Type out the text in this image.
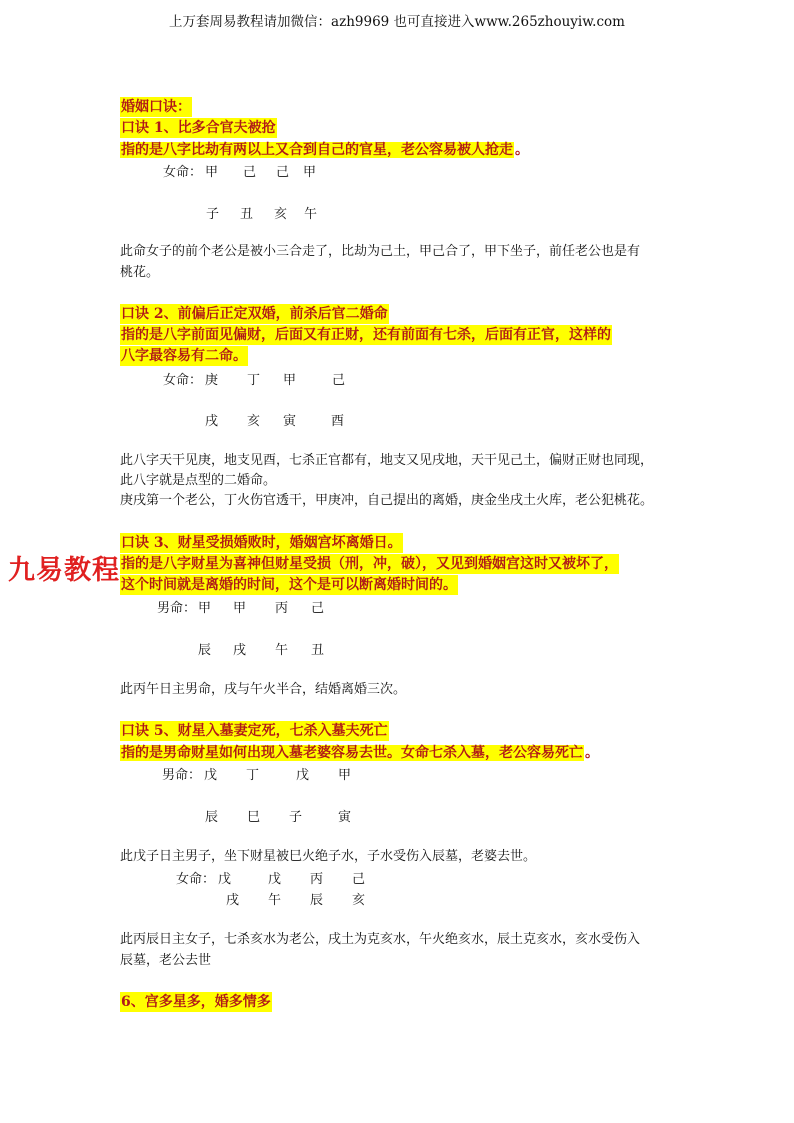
上万套周易教程请加微信：azh9969 也可直接进入www.265zhouyiw.com
婚姻口诀：
口诀 1、比多合官夫被抢
指的是八字比劫有两以上又合到自己的官星，老公容易被人抢走 。
女命： 甲 己 己 甲
子 丑 亥 午
此命女子的前个老公是被小三合走了，比劫为己土，甲己合了，甲下坐子，前任老公也是有
桃花。
口诀 2、前偏后正定双婚，前杀后官二婚命
指的是八字前面见偏财，后面又有正财，还有前面有七杀，后面有正官，这样的
八字最容易有二命。
女命： 庚 丁 甲	己
戌 亥 寅	酉
此八字天干见庚，地支见酉，七杀正官都有，地支又见戌地，天干见己土，偏财正财也同现，
此八字就是点型的二婚命。
庚戌第一个老公，丁火伤官透干，甲庚冲，自己提出的离婚，庚金坐戌土火库，老公犯桃花。
口诀 3、财星受损婚败时，婚姻宫坏离婚日。
指的是八字财星为喜神但财星受损（刑，冲，破），又见到婚姻宫这时又被坏了，
这个时间就是离婚的时间，这个是可以断离婚时间的。
男命： 甲 甲 丙 己
辰 戌 午 丑
此丙午日主男命，戌与午火半合，结婚离婚三次。
口诀 5、财星入墓妻定死，七杀入墓夫死亡
指的是男命财星如何出现入墓老婆容易去世。女命七杀入墓，老公容易死亡 。
男命： 戊 丁	戊 甲
辰 巳 子	寅
此戊子日主男子，坐下财星被巳火绝子水，子水受伤入辰墓，老婆去世。
女命： 戊	戊 丙 己
戌 午 辰 亥
此丙辰日主女子，七杀亥水为老公，戌土为克亥水，午火绝亥水，辰土克亥水，亥水受伤入
辰墓，老公去世
6、宫多星多，婚多情多
九易教程
